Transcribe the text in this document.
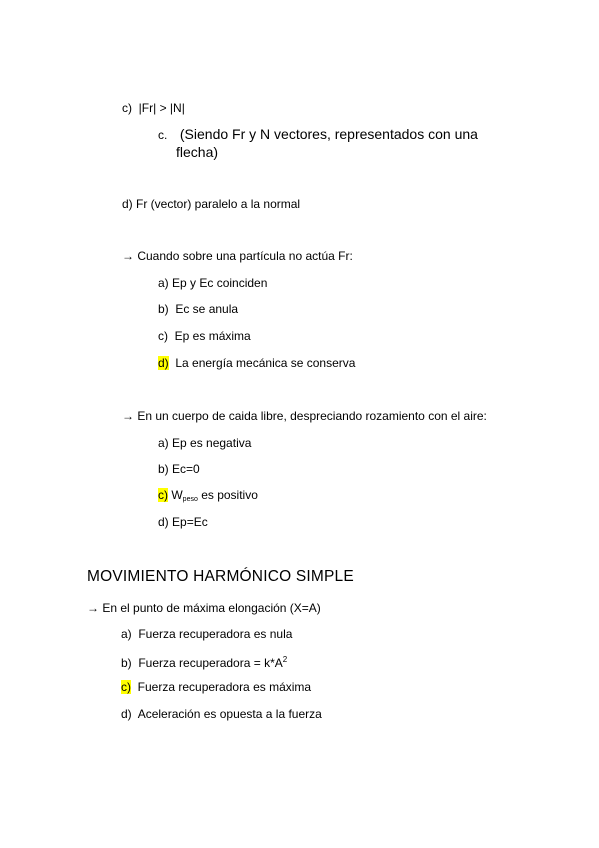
c) |Fr| > |N|
c. (Siendo Fr y N vectores, representados con una
flecha)
d) Fr (vector) paralelo a la normal
→ Cuando sobre una partícula no actúa Fr:
a) Ep y Ec coinciden
b) Ec se anula
c) Ep es máxima
d) La energía mecánica se conserva
→ En un cuerpo de caida libre, despreciando rozamiento con el aire:
a) Ep es negativa
b) Ec=0
c) $W_{peso}$ es positivo
d) Ep=Ec
MOVIMIENTO HARMÓNICO SIMPLE
→ En el punto de máxima elongación (X=A)
a) Fuerza recuperadora es nula
b) Fuerza recuperadora = $k*A^2$
c) Fuerza recuperadora es máxima
d) Aceleración es opuesta a la fuerza
